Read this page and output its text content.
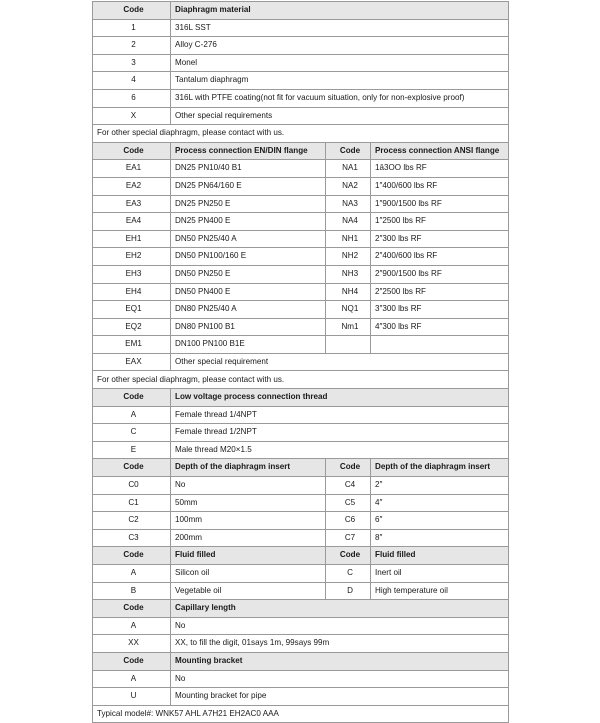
Code	Diaphragm material		
1	316L SST		
2	Alloy C-276		
3	Monel		
4	Tantalum diaphragm		
6	316L with PTFE coating(not fit for vacuum situation, only for non-explosive proof)		
X	Other special requirements		
For other special diaphragm, please contact with us.			
Code	Process connection EN/DIN flange	Code	Process connection ANSI flange
EA1	DN25 PN10/40 B1	NA1	1ȃ3OO lbs RF
EA2	DN25 PN64/160 E	NA2	1″400/600 lbs RF
EA3	DN25 PN250 E	NA3	1″900/1500 lbs RF
EA4	DN25 PN400 E	NA4	1″2500 lbs RF
EH1	DN50 PN25/40 A	NH1	2″300 lbs RF
EH2	DN50 PN100/160 E	NH2	2″400/600 lbs RF
EH3	DN50 PN250 E	NH3	2″900/1500 lbs RF
EH4	DN50 PN400 E	NH4	2″2500 lbs RF
EQ1	DN80 PN25/40 A	NQ1	3″300 lbs RF
EQ2	DN80 PN100 B1	Nm1	4″300 lbs RF
EM1	DN100 PN100 B1E		
EAX	Other special requirement		
For other special diaphragm, please contact with us.			
Code	Low voltage process connection thread		
A	Female thread 1/4NPT		
C	Female thread 1/2NPT		
E	Male thread M20×1.5		
Code	Depth of the diaphragm insert	Code	Depth of the diaphragm insert
C0	No	C4	2″
C1	50mm	C5	4″
C2	100mm	C6	6″
C3	200mm	C7	8″
Code	Fluid filled	Code	Fluid filled
A	Silicon oil	C	Inert oil
B	Vegetable oil	D	High temperature oil
Code	Capillary length		
A	No		
XX	XX, to fill the digit, 01says 1m, 99says 99m		
Code	Mounting bracket		
A	No		
U	Mounting bracket for pipe		
Typical model#: WNK57 AHL A7H21 EH2AC0 AAA			
